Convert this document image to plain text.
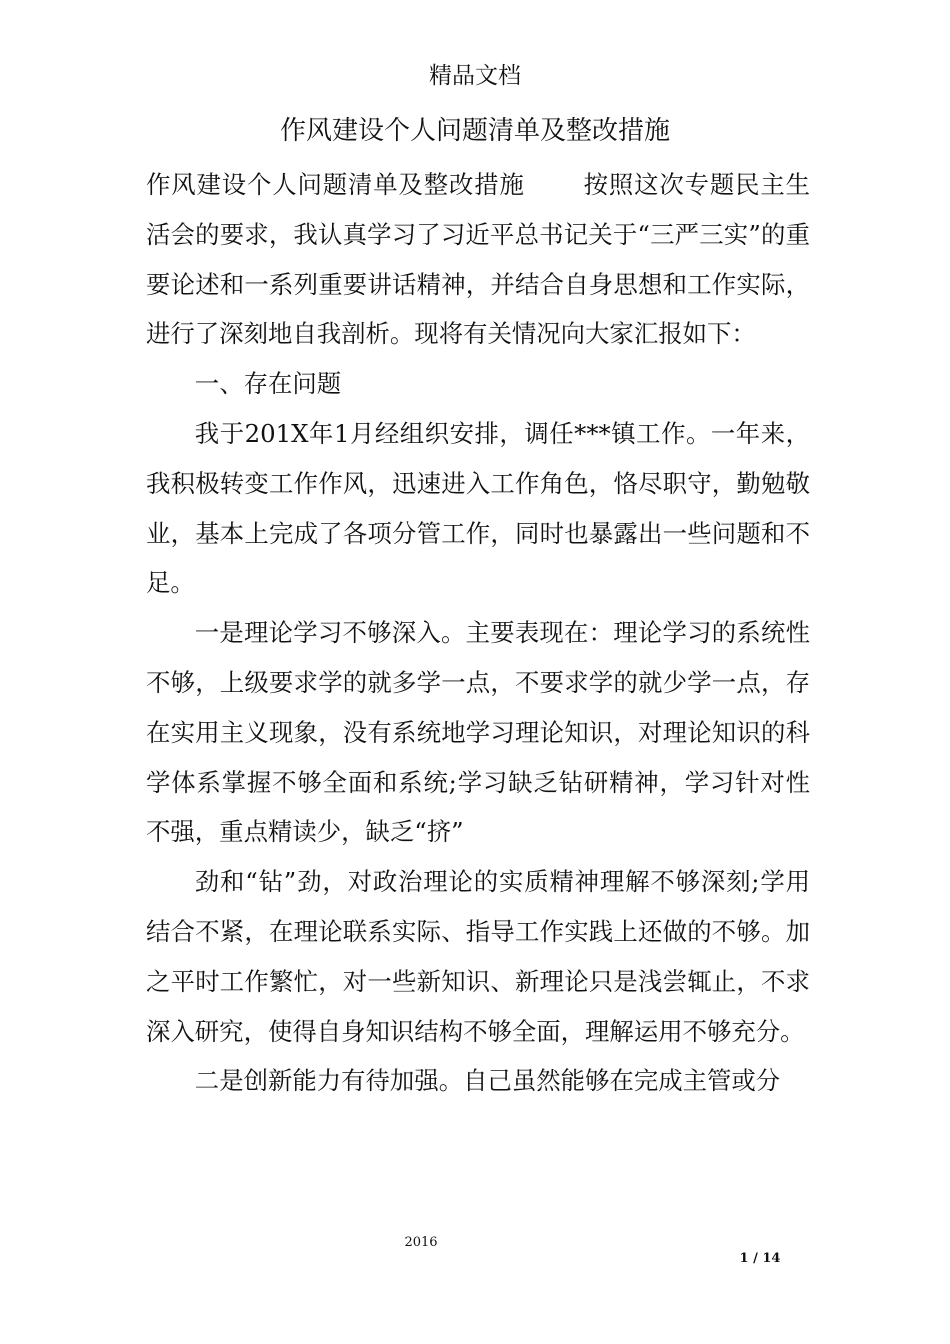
精品文档
作风建设个人问题清单及整改措施

作风建设个人问题清单及整改措施 按照这次专题民主生活会的要求，我认真学习了习近平总书记关于“三严三实”的重要论述和一系列重要讲话精神，并结合自身思想和工作实际，进行了深刻地自我剖析。现将有关情况向大家汇报如下：

一、存在问题

我于201X年1月经组织安排，调任***镇工作。一年来，我积极转变工作作风，迅速进入工作角色，恪尽职守，勤勉敬业，基本上完成了各项分管工作，同时也暴露出一些问题和不足。

一是理论学习不够深入。主要表现在：理论学习的系统性不够，上级要求学的就多学一点，不要求学的就少学一点，存在实用主义现象，没有系统地学习理论知识，对理论知识的科学体系掌握不够全面和系统;学习缺乏钻研精神，学习针对性不强，重点精读少，缺乏“挤”

劲和“钻”劲，对政治理论的实质精神理解不够深刻;学用结合不紧，在理论联系实际、指导工作实践上还做的不够。加之平时工作繁忙，对一些新知识、新理论只是浅尝辄止，不求深入研究，使得自身知识结构不够全面，理解运用不够充分。

二是创新能力有待加强。自己虽然能够在完成主管或分

2016
1 / 14
